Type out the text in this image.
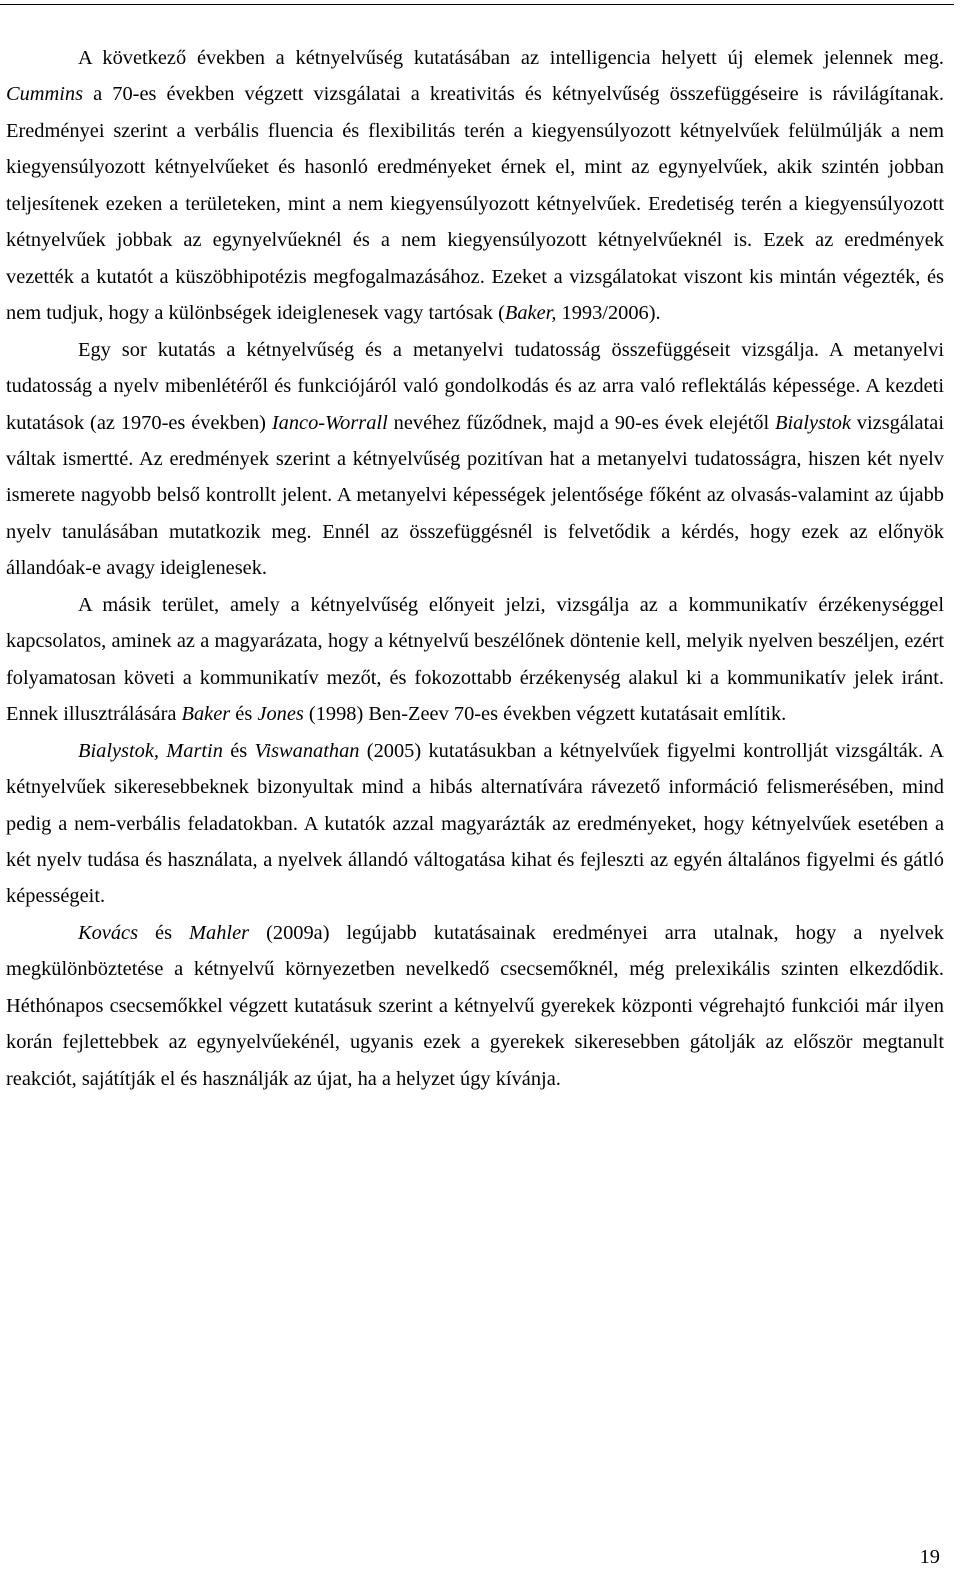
A következő években a kétnyelvűség kutatásában az intelligencia helyett új elemek jelennek meg. Cummins a 70-es években végzett vizsgálatai a kreativitás és kétnyelvűség összefüggéseire is rávilágítanak. Eredményei szerint a verbális fluencia és flexibilitás terén a kiegyensúlyozott kétnyelvűek felülmúlják a nem kiegyensúlyozott kétnyelvűeket és hasonló eredményeket érnek el, mint az egynyelvűek, akik szintén jobban teljesítenek ezeken a területeken, mint a nem kiegyensúlyozott kétnyelvűek. Eredetiség terén a kiegyensúlyozott kétnyelvűek jobbak az egynyelvűeknél és a nem kiegyensúlyozott kétnyelvűeknél is. Ezek az eredmények vezették a kutatót a küszöbhipotézis megfogalmazásához. Ezeket a vizsgálatokat viszont kis mintán végezték, és nem tudjuk, hogy a különbségek ideiglenesek vagy tartósak (Baker, 1993/2006).

Egy sor kutatás a kétnyelvűség és a metanyelvi tudatosság összefüggéseit vizsgálja. A metanyelvi tudatosság a nyelv mibenlétéről és funkciójáról való gondolkodás és az arra való reflektálás képessége. A kezdeti kutatások (az 1970-es években) Ianco-Worrall nevéhez fűződnek, majd a 90-es évek elejétől Bialystok vizsgálatai váltak ismertté. Az eredmények szerint a kétnyelvűség pozitívan hat a metanyelvi tudatosságra, hiszen két nyelv ismerete nagyobb belső kontrollt jelent. A metanyelvi képességek jelentősége főként az olvasás-valamint az újabb nyelv tanulásában mutatkozik meg. Ennél az összefüggésnél is felvetődik a kérdés, hogy ezek az előnyök állandóak-e avagy ideiglenesek.

A másik terület, amely a kétnyelvűség előnyeit jelzi, vizsgálja az a kommunikatív érzékenységgel kapcsolatos, aminek az a magyarázata, hogy a kétnyelvű beszélőnek döntenie kell, melyik nyelven beszéljen, ezért folyamatosan követi a kommunikatív mezőt, és fokozottabb érzékenység alakul ki a kommunikatív jelek iránt. Ennek illusztrálására Baker és Jones (1998) Ben-Zeev 70-es években végzett kutatásait említik.

Bialystok, Martin és Viswanathan (2005) kutatásukban a kétnyelvűek figyelmi kontrollját vizsgálták. A kétnyelvűek sikeresebbeknek bizonyultak mind a hibás alternatívára rávezető információ felismerésében, mind pedig a nem-verbális feladatokban. A kutatók azzal magyarázták az eredményeket, hogy kétnyelvűek esetében a két nyelv tudása és használata, a nyelvek állandó váltogatása kihat és fejleszti az egyén általános figyelmi és gátló képességeit.

Kovács és Mahler (2009a) legújabb kutatásainak eredményei arra utalnak, hogy a nyelvek megkülönböztetése a kétnyelvű környezetben nevelkedő csecsemőknél, még prelexikális szinten elkezdődik. Héthónapos csecsemőkkel végzett kutatásuk szerint a kétnyelvű gyerekek központi végrehajtó funkciói már ilyen korán fejlettebbek az egynyelvűekénél, ugyanis ezek a gyerekek sikeresebben gátolják az először megtanult reakciót, sajátítják el és használják az újat, ha a helyzet úgy kívánja.

19
